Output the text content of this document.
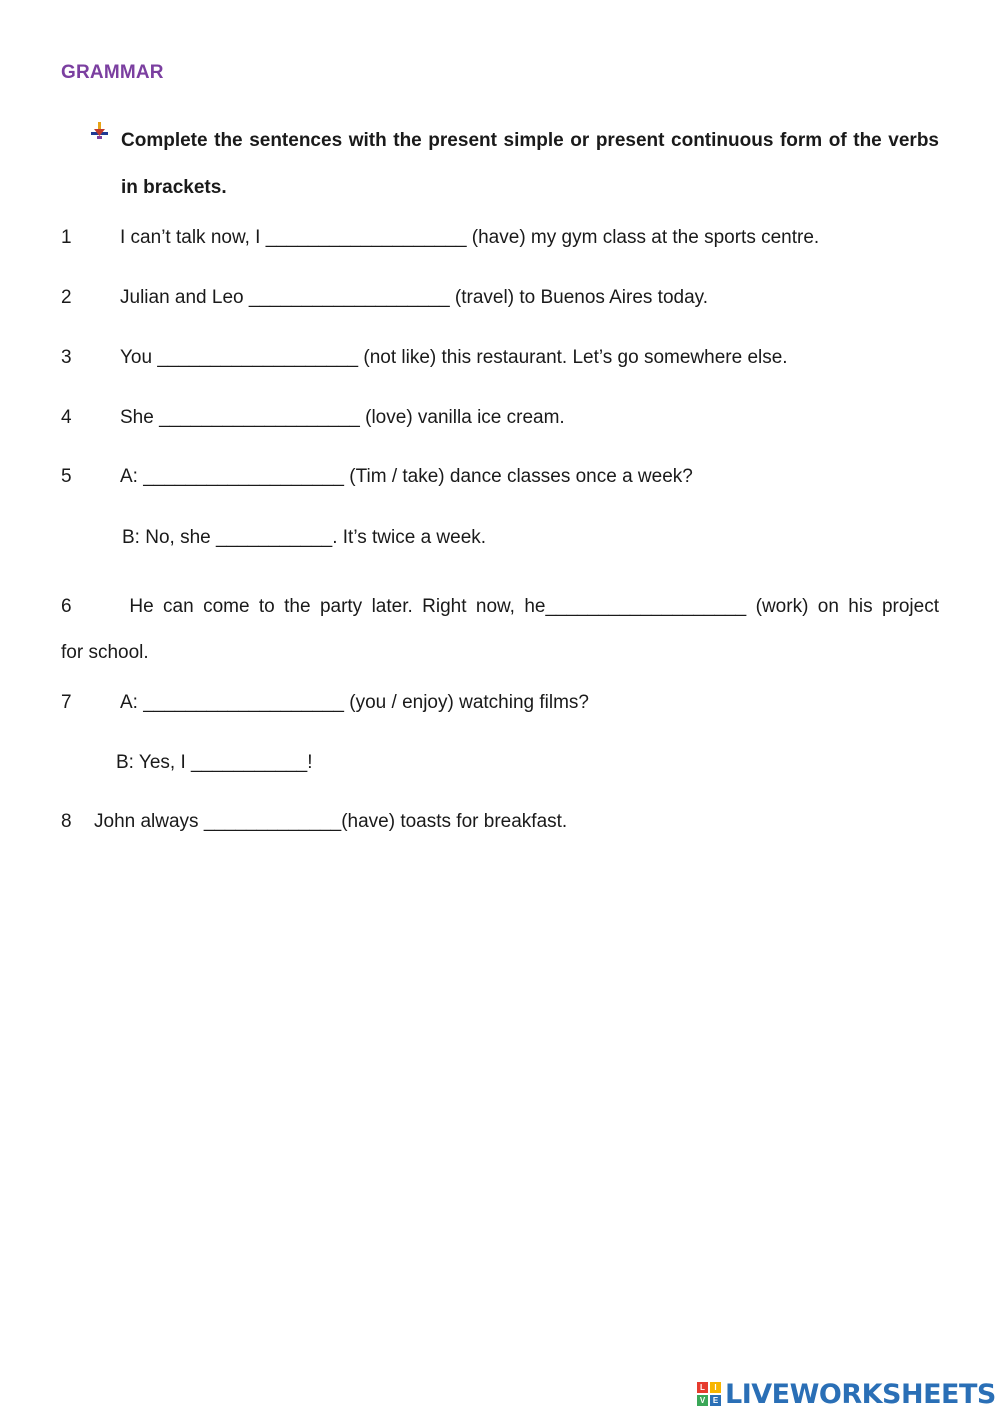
GRAMMAR
Complete the sentences with the present simple or present continuous form of the verbs in brackets.
1	I can’t talk now, I ___________________ (have) my gym class at the sports centre.
2	Julian and Leo ___________________ (travel) to Buenos Aires today.
3	You ___________________ (not like) this restaurant. Let’s go somewhere else.
4	She ___________________ (love) vanilla ice cream.
5	A: ___________________ (Tim / take) dance classes once a week?
B: No, she ___________. It’s twice a week.
6	He can come to the party later. Right now, he___________________ (work) on his project
for school.
7	A: ___________________ (you / enjoy) watching films?
B: Yes, I ___________!
8 John always _____________(have) toasts for breakfast.
L	I
V E LIVEWORKSHEETS
